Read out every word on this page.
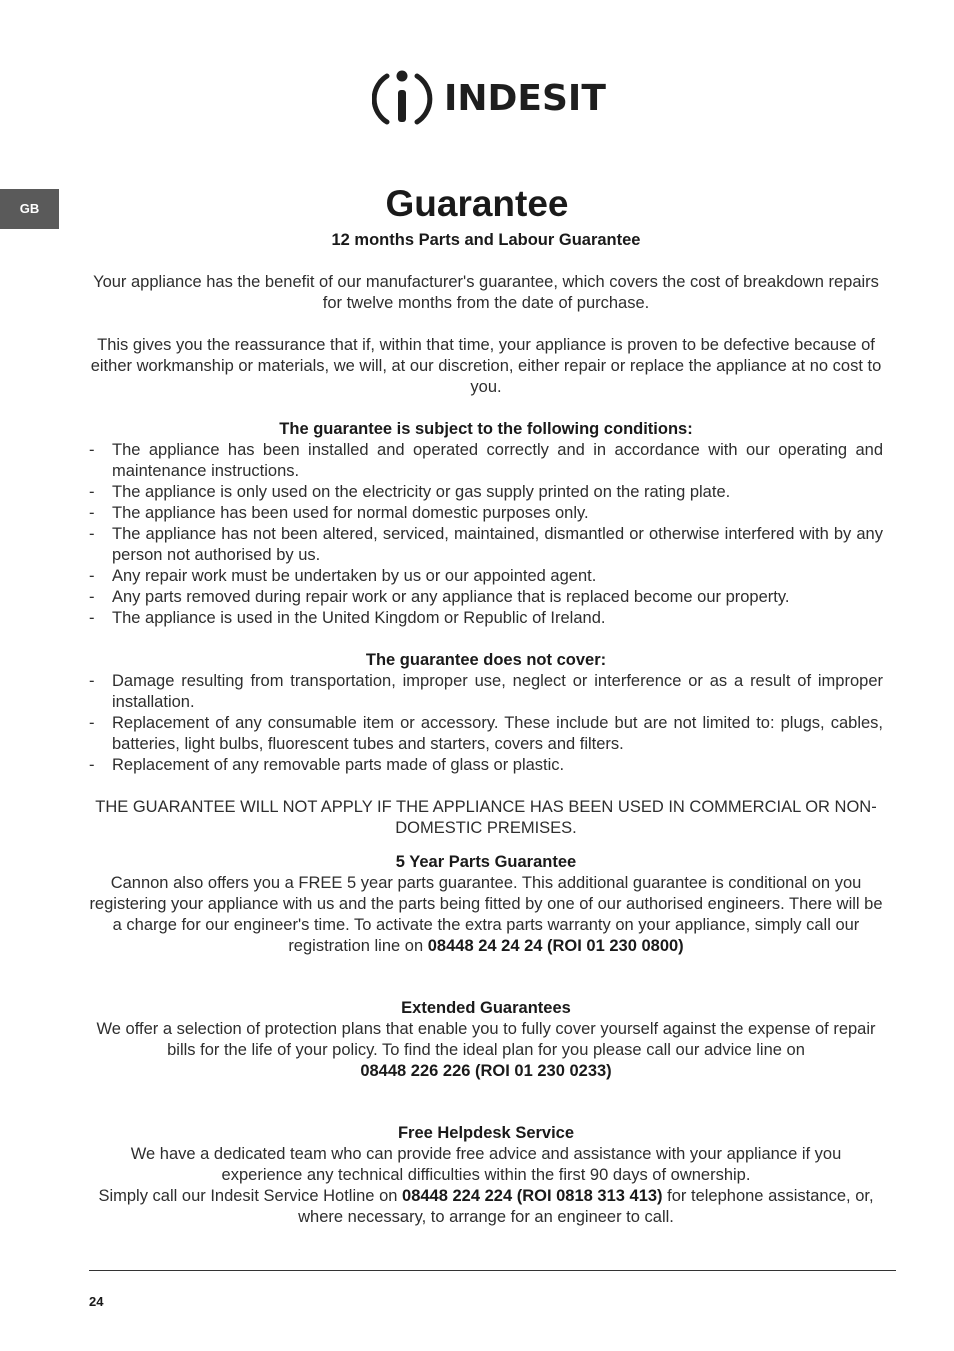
INDESIT
GB	Guarantee

12 months Parts and Labour Guarantee

Your appliance has the benefit of our manufacturer's guarantee, which covers the cost of breakdown repairs for twelve months from the date of purchase.

This gives you the reassurance that if, within that time, your appliance is proven to be defective because of either workmanship or materials, we will, at our discretion, either repair or replace the appliance at no cost to you.

The guarantee is subject to the following conditions:

- The appliance has been installed and operated correctly and in accordance with our operating and maintenance instructions.
- The appliance is only used on the electricity or gas supply printed on the rating plate.
- The appliance has been used for normal domestic purposes only.
- The appliance has not been altered, serviced, maintained, dismantled or otherwise interfered with by any person not authorised by us.
- Any repair work must be undertaken by us or our appointed agent.
- Any parts removed during repair work or any appliance that is replaced become our property.
- The appliance is used in the United Kingdom or Republic of Ireland.

The guarantee does not cover:

- Damage resulting from transportation, improper use, neglect or interference or as a result of improper installation.
- Replacement of any consumable item or accessory. These include but are not limited to: plugs, cables, batteries, light bulbs, fluorescent tubes and starters, covers and filters.
- Replacement of any removable parts made of glass or plastic.

THE GUARANTEE WILL NOT APPLY IF THE APPLIANCE HAS BEEN USED IN COMMERCIAL OR NON-DOMESTIC PREMISES.

5 Year Parts Guarantee

Cannon also offers you a FREE 5 year parts guarantee. This additional guarantee is conditional on you registering your appliance with us and the parts being fitted by one of our authorised engineers. There will be a charge for our engineer's time. To activate the extra parts warranty on your appliance, simply call our registration line on 08448 24 24 24 (ROI 01 230 0800)

Extended Guarantees

We offer a selection of protection plans that enable you to fully cover yourself against the expense of repair bills for the life of your policy. To find the ideal plan for you please call our advice line on

08448 226 226 (ROI 01 230 0233)

Free Helpdesk Service

We have a dedicated team who can provide free advice and assistance with your appliance if you experience any technical difficulties within the first 90 days of ownership.

Simply call our Indesit Service Hotline on 08448 224 224 (ROI 0818 313 413) for telephone assistance, or, where necessary, to arrange for an engineer to call.

24
